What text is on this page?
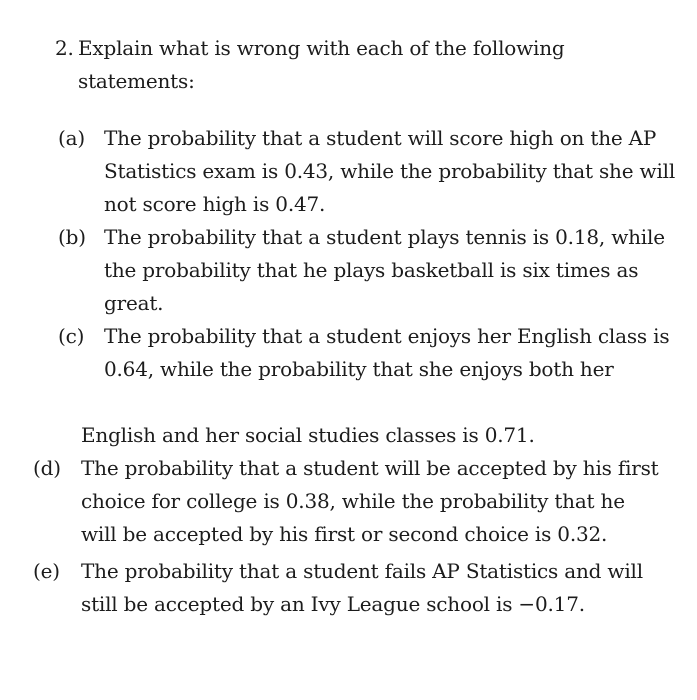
2. Explain what is wrong with each of the following
statements:
(a) The probability that a student will score high on the AP
Statistics exam is 0.43, while the probability that she will
not score high is 0.47.
(b) The probability that a student plays tennis is 0.18, while
the probability that he plays basketball is six times as
great.
(c) The probability that a student enjoys her English class is
0.64, while the probability that she enjoys both her
English and her social studies classes is 0.71.
(d) The probability that a student will be accepted by his first
choice for college is 0.38, while the probability that he
will be accepted by his first or second choice is 0.32.
(e) The probability that a student fails AP Statistics and will
still be accepted by an Ivy League school is −0.17.
